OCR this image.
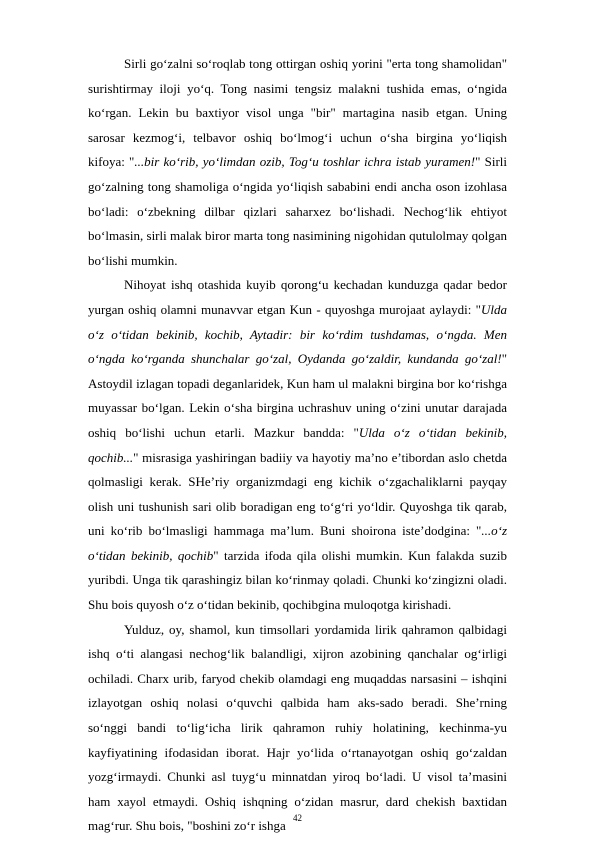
Sirli go‘zalni so‘roqlab tong ottirgan oshiq yorini "erta tong shamolidan" surishtirmay iloji yo‘q. Tong nasimi tengsiz malakni tushida emas, o‘ngida ko‘rgan. Lekin bu baxtiyor visol unga "bir" martagina nasib etgan. Uning sarosar kezmog‘i, telbavor oshiq bo‘lmog‘i uchun o‘sha birgina yo‘liqish kifoya: "...bir ko‘rib, yo‘limdan ozib, Tog‘u toshlar ichra istab yuramen!" Sirli go‘zalning tong shamoliga o‘ngida yo‘liqish sababini endi ancha oson izohlasa bo‘ladi: o‘zbekning dilbar qizlari saharxez bo‘lishadi. Nechog‘lik ehtiyot bo‘lmasin, sirli malak biror marta tong nasimining nigohidan qutulolmay qolgan bo‘lishi mumkin.

Nihoyat ishq otashida kuyib qorong‘u kechadan kunduzga qadar bedor yurgan oshiq olamni munavvar etgan Kun - quyoshga murojaat aylaydi: "Ulda o‘z o‘tidan bekinib, kochib, Aytadir: bir ko‘rdim tushdamas, o‘ngda. Men o‘ngda ko‘rganda shunchalar go‘zal, Oydanda go‘zaldir, kundanda go‘zal!" Astoydil izlagan topadi deganlaridek, Kun ham ul malakni birgina bor ko‘rishga muyassar bo‘lgan. Lekin o‘sha birgina uchrashuv uning o‘zini unutar darajada oshiq bo‘lishi uchun etarli. Mazkur bandda: "Ulda o‘z o‘tidan bekinib, qochib..." misrasiga yashiringan badiiy va hayotiy ma’no e’tibordan aslo chetda qolmasligi kerak. SHe’riy organizmdagi eng kichik o‘zgachaliklarni payqay olish uni tushunish sari olib boradigan eng to‘g‘ri yo‘ldir. Quyoshga tik qarab, uni ko‘rib bo‘lmasligi hammaga ma’lum. Buni shoirona iste’dodgina: "...o‘z o‘tidan bekinib, qochib" tarzida ifoda qila olishi mumkin. Kun falakda suzib yuribdi. Unga tik qarashingiz bilan ko‘rinmay qoladi. Chunki ko‘zingizni oladi. Shu bois quyosh o‘z o‘tidan bekinib, qochibgina muloqotga kirishadi.

Yulduz, oy, shamol, kun timsollari yordamida lirik qahramon qalbidagi ishq o‘ti alangasi nechog‘lik balandligi, xijron azobining qanchalar og‘irligi ochiladi. Charx urib, faryod chekib olamdagi eng muqaddas narsasini – ishqini izlayotgan oshiq nolasi o‘quvchi qalbida ham aks-sado beradi. She’rning so‘nggi bandi to‘lig‘icha lirik qahramon ruhiy holatining, kechinma-yu kayfiyatining ifodasidan iborat. Hajr yo‘lida o‘rtanayotgan oshiq go‘zaldan yozg‘irmaydi. Chunki asl tuyg‘u minnatdan yiroq bo‘ladi. U visol ta’masini ham xayol etmaydi. Oshiq ishqning o‘zidan masrur, dard chekish baxtidan mag‘rur. Shu bois, "boshini zo‘r ishga

42
